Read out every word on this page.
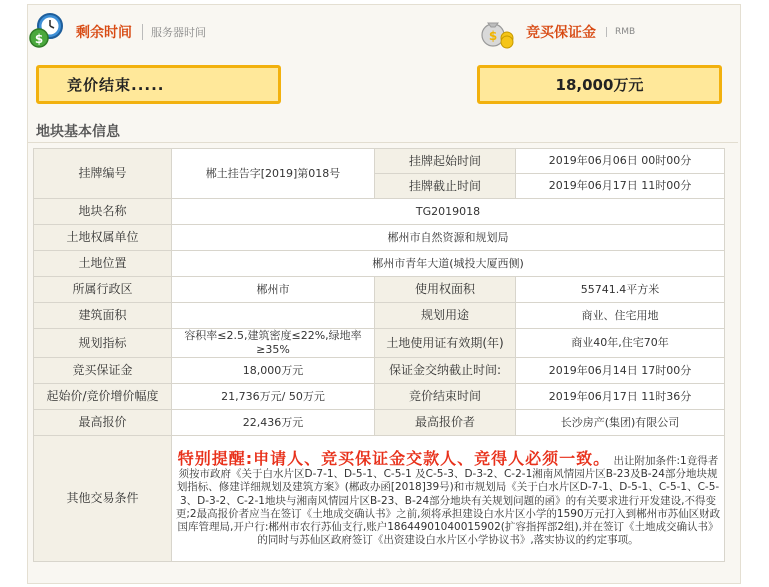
$ 剩余时间	服务器时间	$ 竞买保证金	RMB
竞价结束.....	18,000万元
地块基本信息
挂牌编号	郴土挂告字[2019]第018号	挂牌起始时间	2019年06月06日 00时00分
		挂牌截止时间	2019年06月17日 11时00分
地块名称	TG2019018		
土地权属单位	郴州市自然资源和规划局		
土地位置	郴州市青年大道(城投大厦西侧)		
所属行政区	郴州市	使用权面积	55741.4平方米
建筑面积		规划用途	商业、住宅用地
规划指标	容积率≤2.5,建筑密度≤22%,绿地率≥35%	土地使用证有效期(年)	商业40年,住宅70年
竞买保证金	18,000万元	保证金交纳截止时间:	2019年06月14日 17时00分
起始价/竞价增价幅度	21,736万元/ 50万元	竞价结束时间	2019年06月17日 11时36分
最高报价	22,436万元	最高报价者	长沙房产(集团)有限公司
其他交易条件	特别提醒:申请人、竞买保证金交款人、竞得人必须一致。 出让附加条件:1竟得者须按市政府《关于白水片区D-7-1、D-5-1、C-5-1 及C-5-3、D-3-2、C-2-1湘南风情园片区B-23及B-24部分地块规划指标、修建详细规划及建筑方案》(郴政办函[2018]39号)和市规划局《关于白水片区D-7-1、D-5-1、C-5-1、C-5-3、D-3-2、C-2-1地块与湘南风情园片区B-23、B-24部分地块有关规划问题的函》的有关要求进行开发建设,不得变更;2最高报价者应当在签订《土地成交确认书》之前,须将承担建设白水片区小学的1590万元打入到郴州市苏仙区财政国库管理局,开户行:郴州市农行苏仙支行,账户18644901040015902(扩容指挥部2组),并在签订《土地成交确认书》的同时与苏仙区政府签订《出资建设白水片区小学协议书》,落实协议的约定事项。		
